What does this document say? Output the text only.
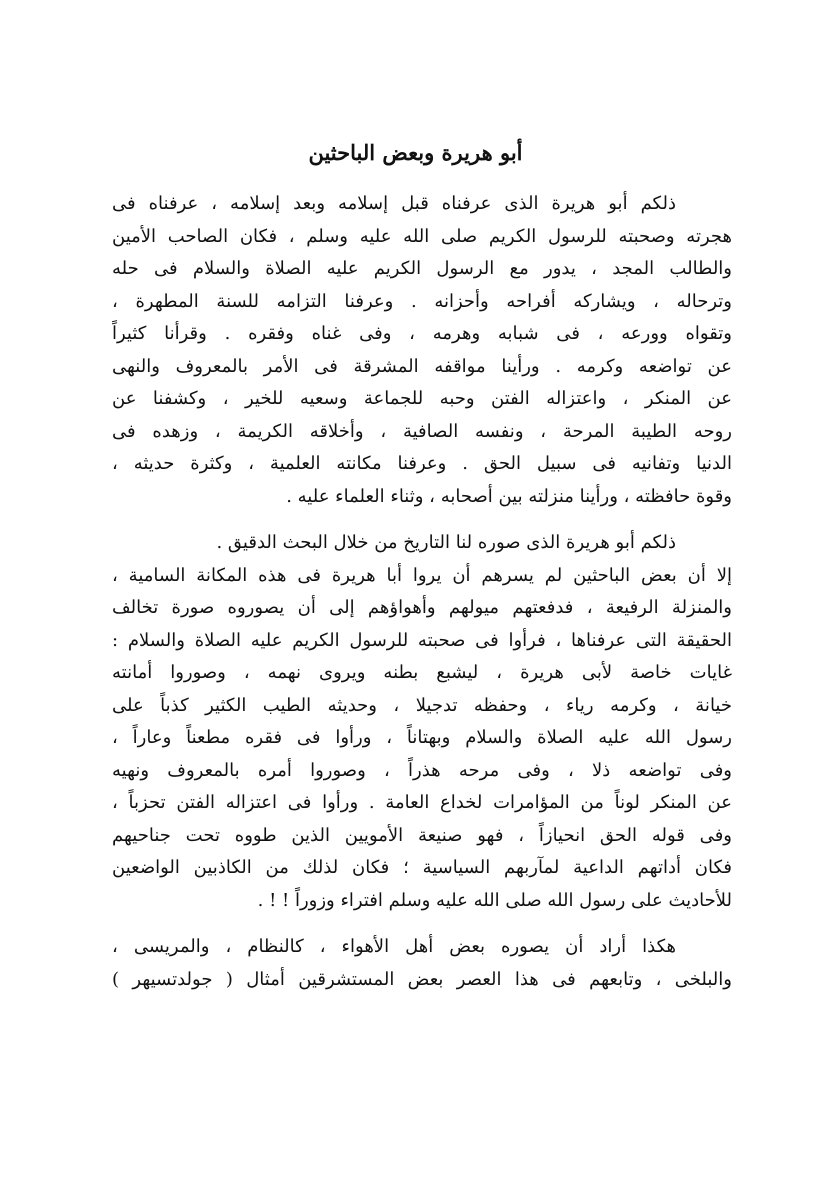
أبو هريرة وبعض الباحثين
ذلكم أبو هريرة الذى عرفناه قبل إسلامه وبعد إسلامه ، عرفناه فى
هجرته وصحبته للرسول الكريم صلى الله عليه وسلم ، فكان الصاحب الأمين
والطالب المجد ، يدور مع الرسول الكريم عليه الصلاة والسلام فى حله
وترحاله ، ويشاركه أفراحه وأحزانه . وعرفنا التزامه للسنة المطهرة ،
وتقواه وورعه ، فى شبابه وهرمه ، وفى غناه وفقره . وقرأنا كثيراً
عن تواضعه وكرمه . ورأينا مواقفه المشرقة فى الأمر بالمعروف والنهى
عن المنكر ، واعتزاله الفتن وحبه للجماعة وسعيه للخير ، وكشفنا عن
روحه الطيبة المرحة ، ونفسه الصافية ، وأخلاقه الكريمة ، وزهده فى
الدنيا وتفانيه فى سبيل الحق . وعرفنا مكانته العلمية ، وكثرة حديثه ،
وقوة حافظته ، ورأينا منزلته بين أصحابه ، وثناء العلماء عليه .
ذلكم أبو هريرة الذى صوره لنا التاريخ من خلال البحث الدقيق .
إلا أن بعض الباحثين لم يسرهم أن يروا أبا هريرة فى هذه المكانة السامية ،
والمنزلة الرفيعة ، فدفعتهم ميولهم وأهواؤهم إلى أن يصوروه صورة تخالف
الحقيقة التى عرفناها ، فرأوا فى صحبته للرسول الكريم عليه الصلاة والسلام :
غايات خاصة لأبى هريرة ، ليشبع بطنه ويروى نهمه ، وصوروا أمانته
خيانة ، وكرمه رياء ، وحفظه تدجيلا ، وحديثه الطيب الكثير كذباً على
رسول الله عليه الصلاة والسلام وبهتاناً ، ورأوا فى فقره مطعناً وعاراً ،
وفى تواضعه ذلا ، وفى مرحه هذراً ، وصوروا أمره بالمعروف ونهيه
عن المنكر لوناً من المؤامرات لخداع العامة . ورأوا فى اعتزاله الفتن تحزباً ،
وفى قوله الحق انحيازاً ، فهو صنيعة الأمويين الذين طووه تحت جناحيهم
فكان أداتهم الداعية لمآربهم السياسية ؛ فكان لذلك من الكاذبين الواضعين
للأحاديث على رسول الله صلى الله عليه وسلم افتراء وزوراً ! ! .
هكذا أراد أن يصوره بعض أهل الأهواء ، كالنظام ، والمريسى ،
والبلخى ، وتابعهم فى هذا العصر بعض المستشرقين أمثال ( جولدتسيهر )
